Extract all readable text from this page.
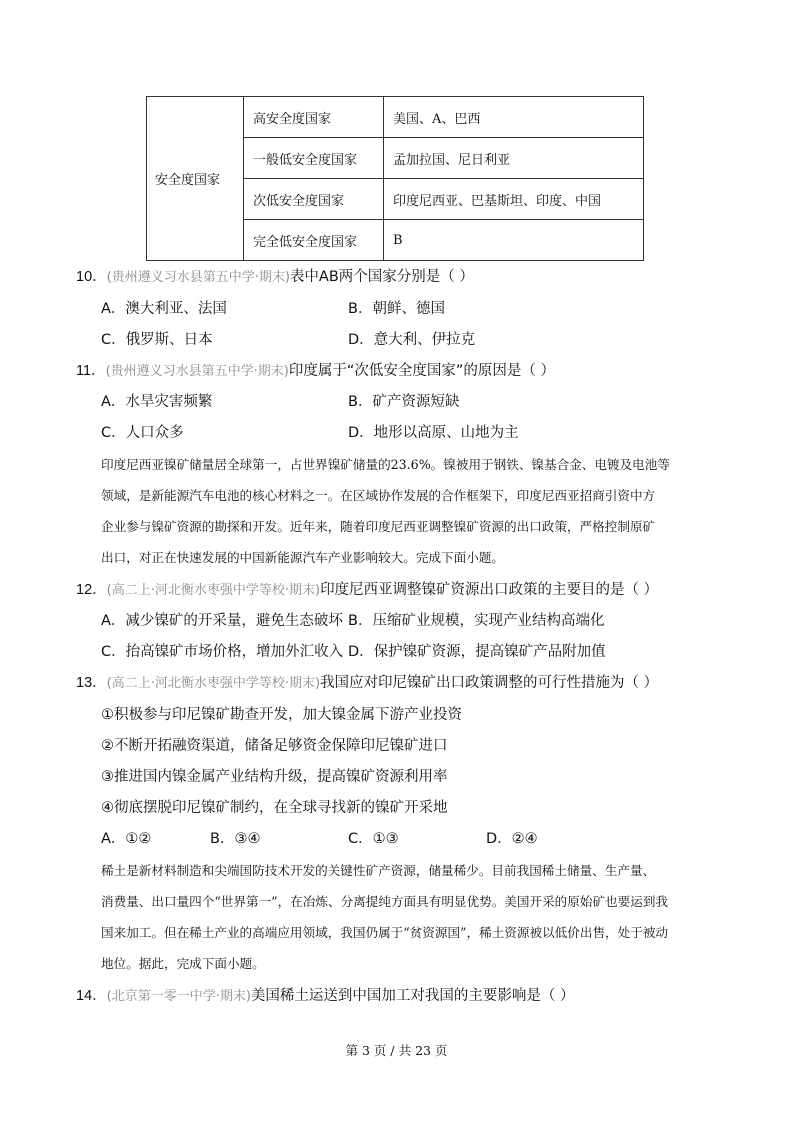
安全度国家	高安全度国家	美国、A、巴西
	一般低安全度国家	孟加拉国、尼日利亚
	次低安全度国家	印度尼西亚、巴基斯坦、印度、中国
	完全低安全度国家	B
10．(贵州遵义习水县第五中学·期末)表中AB两个国家分别是（ ）
A．澳大利亚、法国	B．朝鲜、德国
C．俄罗斯、日本	D．意大利、伊拉克
11．(贵州遵义习水县第五中学·期末)印度属于“次低安全度国家”的原因是（ ）
A．水旱灾害频繁	B．矿产资源短缺
C．人口众多	D．地形以高原、山地为主
印度尼西亚镍矿储量居全球第一，占世界镍矿储量的23.6%。镍被用于钢铁、镍基合金、电镀及电池等
领域，是新能源汽车电池的核心材料之一。在区域协作发展的合作框架下，印度尼西亚招商引资中方
企业参与镍矿资源的勘探和开发。近年来，随着印度尼西亚调整镍矿资源的出口政策，严格控制原矿
出口，对正在快速发展的中国新能源汽车产业影响较大。完成下面小题。
12．(高二上·河北衡水枣强中学等校·期末)印度尼西亚调整镍矿资源出口政策的主要目的是（ ）
A．减少镍矿的开采量，避免生态破坏 B．压缩矿业规模，实现产业结构高端化
C．抬高镍矿市场价格，增加外汇收入 D．保护镍矿资源，提高镍矿产品附加值
13．(高二上·河北衡水枣强中学等校·期末)我国应对印尼镍矿出口政策调整的可行性措施为（ ）
①积极参与印尼镍矿勘查开发，加大镍金属下游产业投资
②不断开拓融资渠道，储备足够资金保障印尼镍矿进口
③推进国内镍金属产业结构升级，提高镍矿资源利用率
④彻底摆脱印尼镍矿制约，在全球寻找新的镍矿开采地
A．①②	B．③④	C．①③	D．②④
稀土是新材料制造和尖端国防技术开发的关键性矿产资源，储量稀少。目前我国稀土储量、生产量、
消费量、出口量四个“世界第一”，在冶炼、分离提纯方面具有明显优势。美国开采的原始矿也要运到我
国来加工。但在稀土产业的高端应用领域，我国仍属于“贫资源国”，稀土资源被以低价出售，处于被动
地位。据此，完成下面小题。
14．(北京第一零一中学·期末)美国稀土运送到中国加工对我国的主要影响是（ ）
第 3 页 / 共 23 页
